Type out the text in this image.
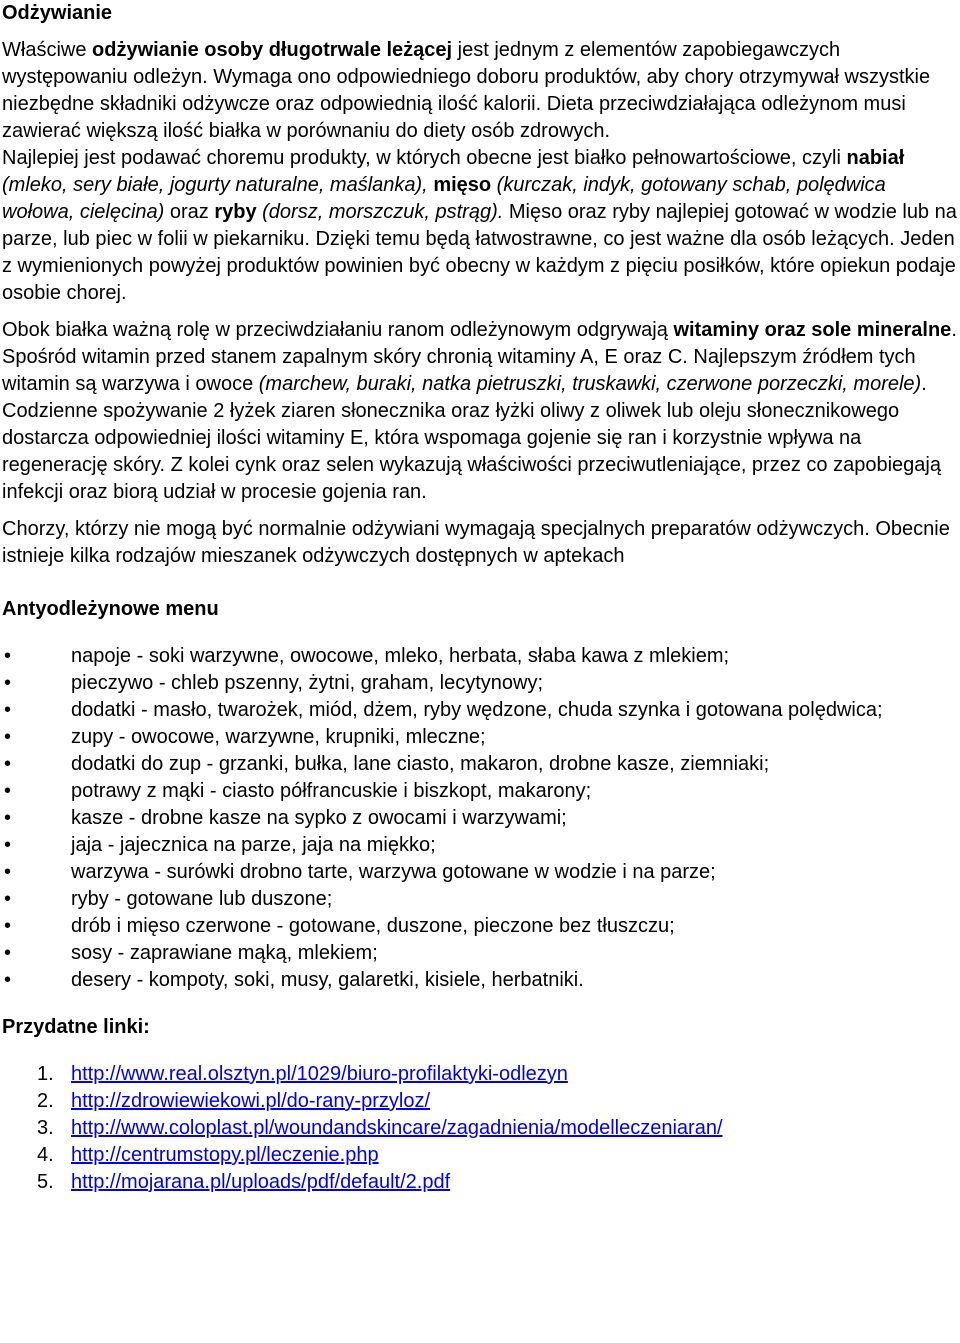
Odżywianie

Właściwe odżywianie osoby długotrwale leżącej jest jednym z elementów zapobiegawczych występowaniu odleżyn. Wymaga ono odpowiedniego doboru produktów, aby chory otrzymywał wszystkie niezbędne składniki odżywcze oraz odpowiednią ilość kalorii. Dieta przeciwdziałająca odleżynom musi zawierać większą ilość białka w porównaniu do diety osób zdrowych.

Najlepiej jest podawać choremu produkty, w których obecne jest białko pełnowartościowe, czyli nabiał (mleko, sery białe, jogurty naturalne, maślanka), mięso (kurczak, indyk, gotowany schab, polędwica wołowa, cielęcina) oraz ryby (dorsz, morszczuk, pstrąg). Mięso oraz ryby najlepiej gotować w wodzie lub na parze, lub piec w folii w piekarniku. Dzięki temu będą łatwostrawne, co jest ważne dla osób leżących. Jeden z wymienionych powyżej produktów powinien być obecny w każdym z pięciu posiłków, które opiekun podaje osobie chorej.

Obok białka ważną rolę w przeciwdziałaniu ranom odleżynowym odgrywają witaminy oraz sole mineralne. Spośród witamin przed stanem zapalnym skóry chronią witaminy A, E oraz C. Najlepszym źródłem tych witamin są warzywa i owoce (marchew, buraki, natka pietruszki, truskawki, czerwone porzeczki, morele). Codzienne spożywanie 2 łyżek ziaren słonecznika oraz łyżki oliwy z oliwek lub oleju słonecznikowego dostarcza odpowiedniej ilości witaminy E, która wspomaga gojenie się ran i korzystnie wpływa na regenerację skóry. Z kolei cynk oraz selen wykazują właściwości przeciwutleniające, przez co zapobiegają infekcji oraz biorą udział w procesie gojenia ran.

Chorzy, którzy nie mogą być normalnie odżywiani wymagają specjalnych preparatów odżywczych. Obecnie istnieje kilka rodzajów mieszanek odżywczych dostępnych w aptekach

Antyodleżynowe menu
•	napoje - soki warzywne, owocowe, mleko, herbata, słaba kawa z mlekiem;
•	pieczywo - chleb pszenny, żytni, graham, lecytynowy;
•	dodatki - masło, twarożek, miód, dżem, ryby wędzone, chuda szynka i gotowana polędwica;
•	zupy - owocowe, warzywne, krupniki, mleczne;
•	dodatki do zup - grzanki, bułka, lane ciasto, makaron, drobne kasze, ziemniaki;
•	potrawy z mąki - ciasto półfrancuskie i biszkopt, makarony;
•	kasze - drobne kasze na sypko z owocami i warzywami;
•	jaja - jajecznica na parze, jaja na miękko;
•	warzywa - surówki drobno tarte, warzywa gotowane w wodzie i na parze;
•	ryby - gotowane lub duszone;
•	drób i mięso czerwone - gotowane, duszone, pieczone bez tłuszczu;
•	sosy - zaprawiane mąką, mlekiem;
•	desery - kompoty, soki, musy, galaretki, kisiele, herbatniki.
Przydatne linki:
1. http://www.real.olsztyn.pl/1029/biuro-profilaktyki-odlezyn
2. http://zdrowiewiekowi.pl/do-rany-przyloz/
3. http://www.coloplast.pl/woundandskincare/zagadnienia/modelleczeniaran/
4. http://centrumstopy.pl/leczenie.php
5. http://mojarana.pl/uploads/pdf/default/2.pdf
